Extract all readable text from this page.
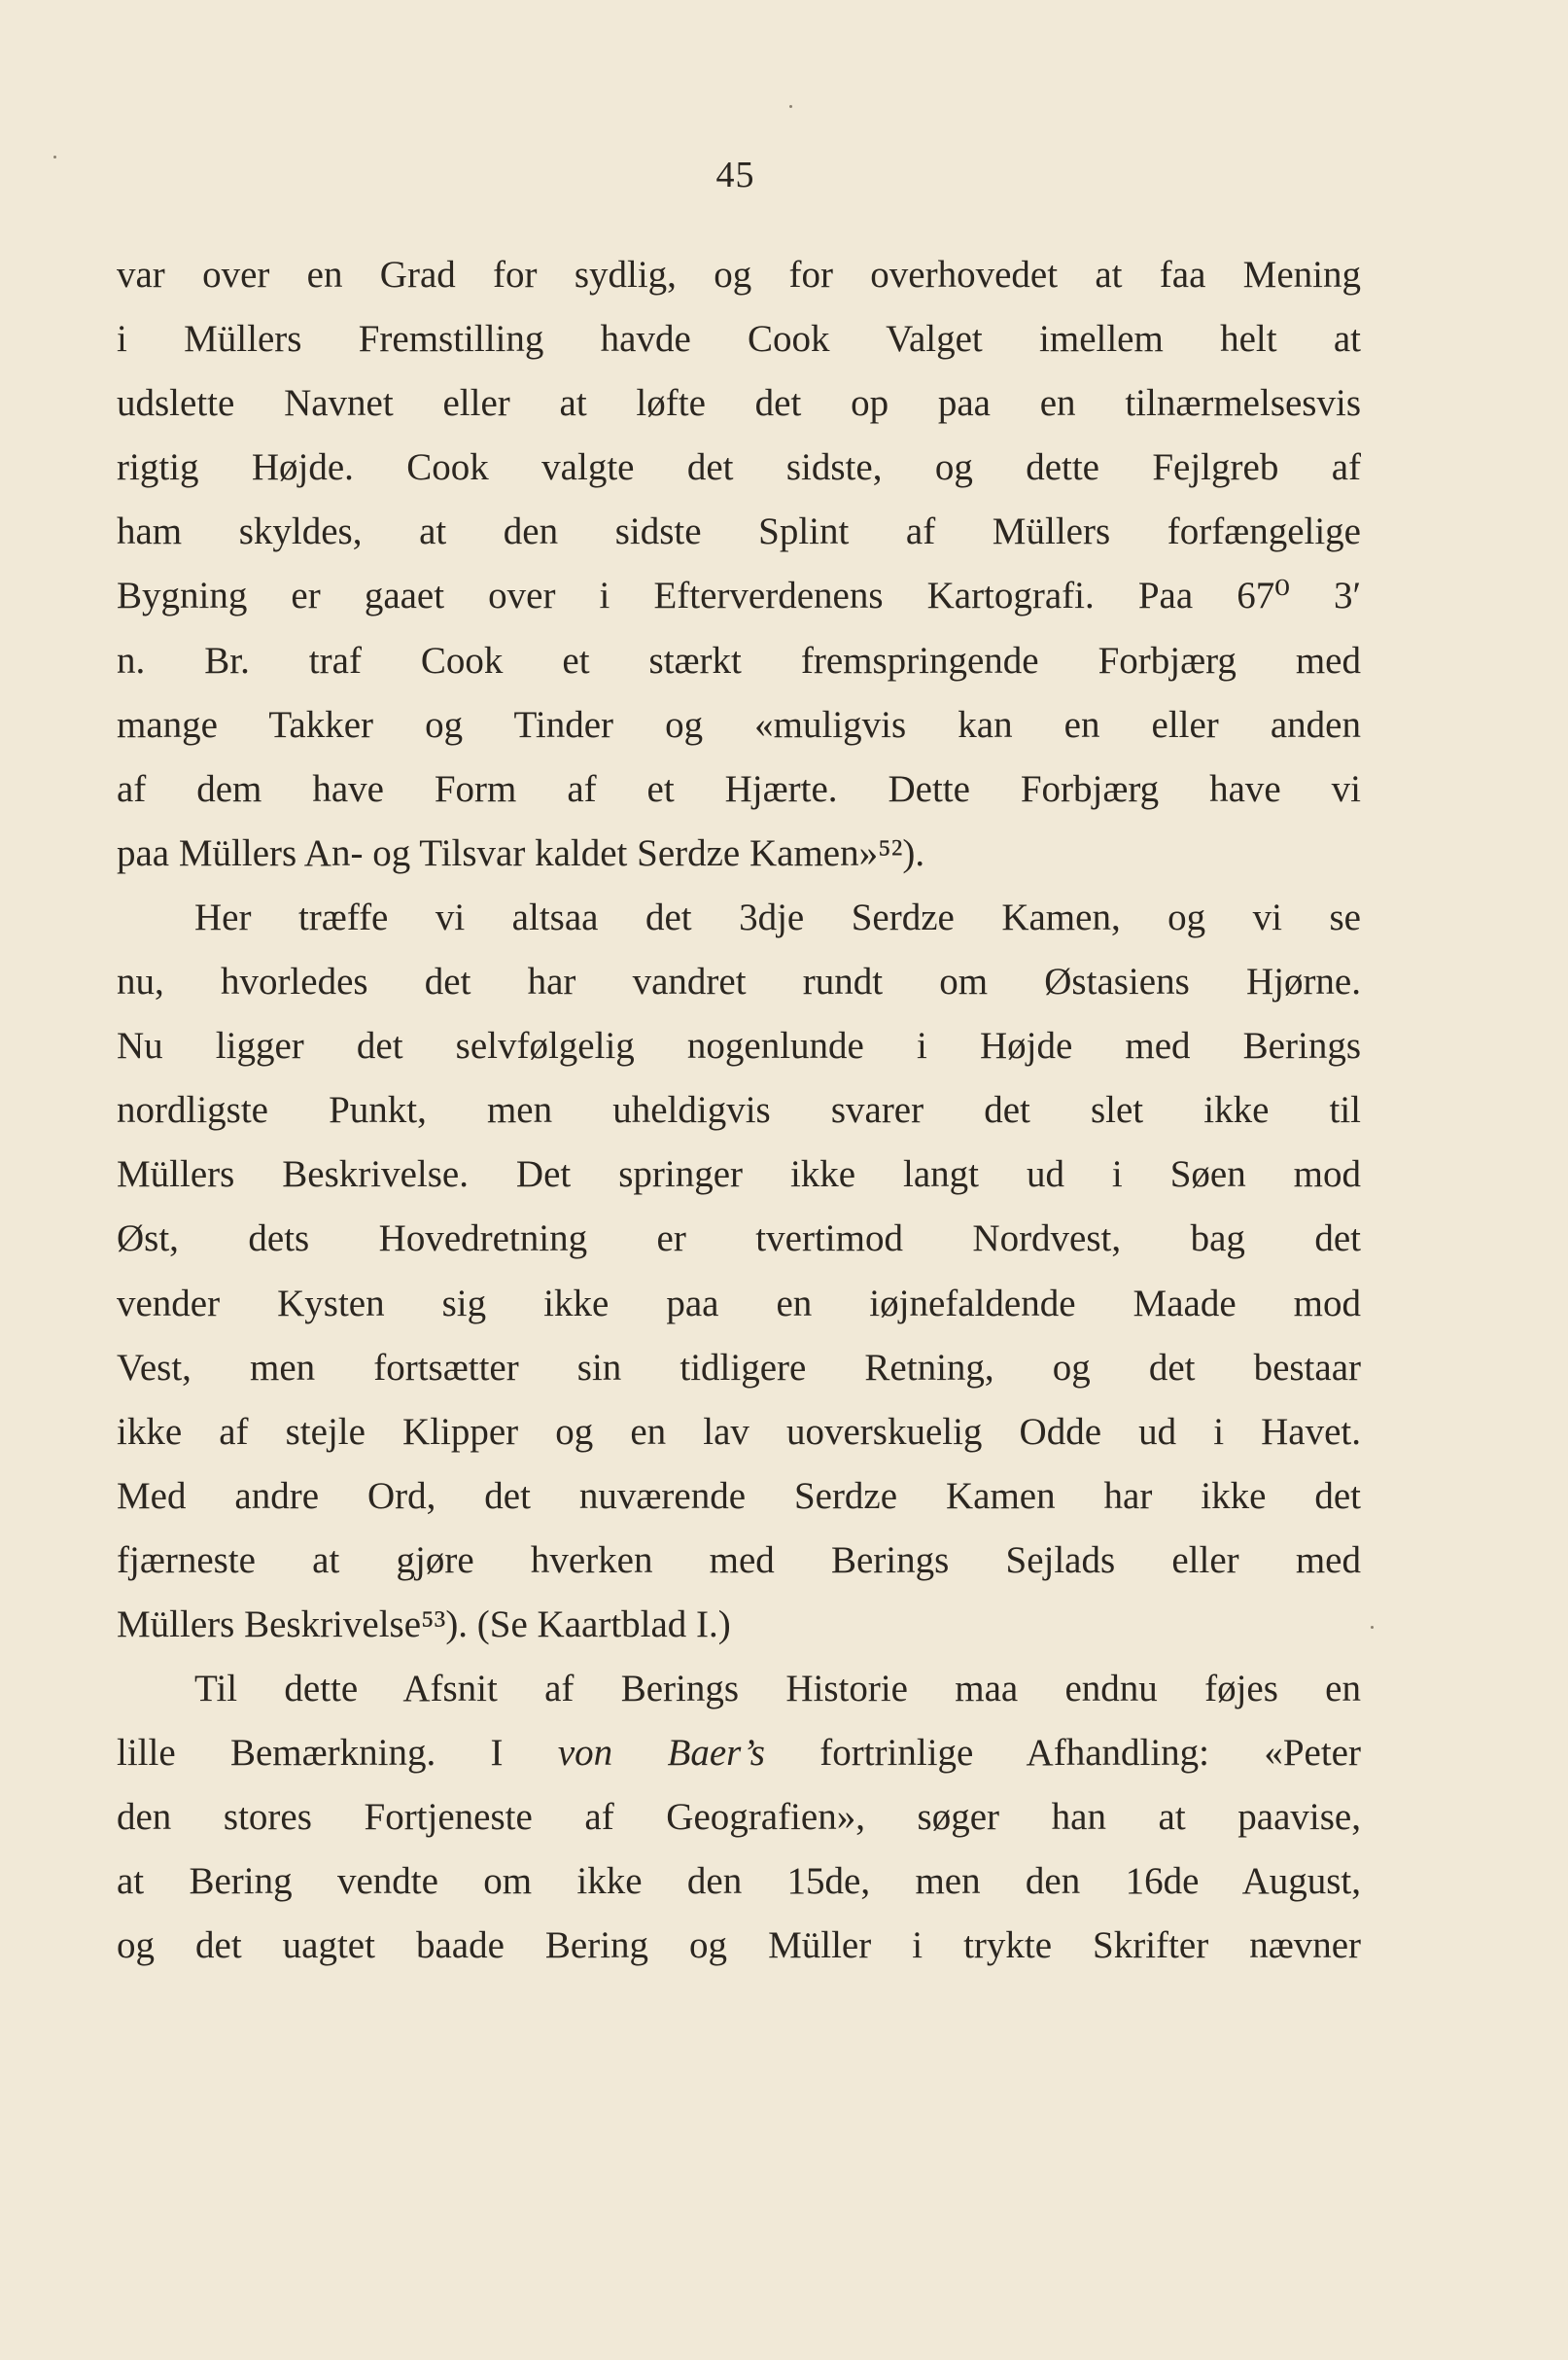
45
var over en Grad for sydlig, og for overhovedet at faa Mening
i Müllers Fremstilling havde Cook Valget imellem helt at
udslette Navnet eller at løfte det op paa en tilnærmelsesvis
rigtig Højde. Cook valgte det sidste, og dette Fejlgreb af
ham skyldes, at den sidste Splint af Müllers forfængelige
Bygning er gaaet over i Efterverdenens Kartografi. Paa 67⁰ 3′
n. Br. traf Cook et stærkt fremspringende Forbjærg med
mange Takker og Tinder og «muligvis kan en eller anden
af dem have Form af et Hjærte. Dette Forbjærg have vi
paa Müllers An- og Tilsvar kaldet Serdze Kamen»⁵²).
Her træffe vi altsaa det 3dje Serdze Kamen, og vi se
nu, hvorledes det har vandret rundt om Østasiens Hjørne.
Nu ligger det selvfølgelig nogenlunde i Højde med Berings
nordligste Punkt, men uheldigvis svarer det slet ikke til
Müllers Beskrivelse. Det springer ikke langt ud i Søen mod
Øst, dets Hovedretning er tvertimod Nordvest, bag det
vender Kysten sig ikke paa en iøjnefaldende Maade mod
Vest, men fortsætter sin tidligere Retning, og det bestaar
ikke af stejle Klipper og en lav uoverskuelig Odde ud i Havet.
Med andre Ord, det nuværende Serdze Kamen har ikke det
fjærneste at gjøre hverken med Berings Sejlads eller med
Müllers Beskrivelse⁵³). (Se Kaartblad I.)
Til dette Afsnit af Berings Historie maa endnu føjes en
lille Bemærkning. I von Baer’s fortrinlige Afhandling: «Peter
den stores Fortjeneste af Geografien», søger han at paavise,
at Bering vendte om ikke den 15de, men den 16de August,
og det uagtet baade Bering og Müller i trykte Skrifter nævner
